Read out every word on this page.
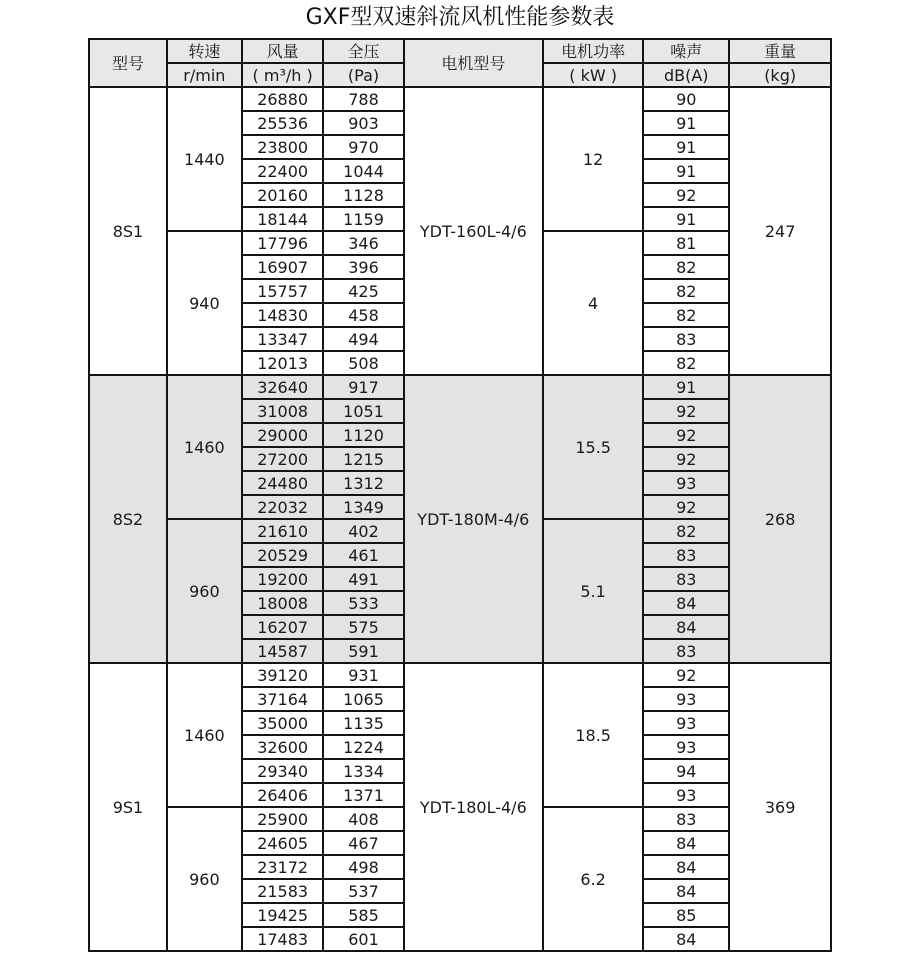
GXF型双速斜流风机性能参数表
型号	转速	风量	全压	电机型号	电机功率	噪声	重量
	r/min	( m³/h )	(Pa)		( kW )	dB(A)	(kg)
8S1	1440	26880	788	YDT-160L-4/6	12	90	247
		25536	903			91	
		23800	970			91	
		22400	1044			91	
		20160	1128			92	
		18144	1159			91	
	940	17796	346		4	81	
		16907	396			82	
		15757	425			82	
		14830	458			82	
		13347	494			83	
		12013	508			82	
8S2	1460	32640	917	YDT-180M-4/6	15.5	91	268
		31008	1051			92	
		29000	1120			92	
		27200	1215			92	
		24480	1312			93	
		22032	1349			92	
	960	21610	402		5.1	82	
		20529	461			83	
		19200	491			83	
		18008	533			84	
		16207	575			84	
		14587	591			83	
9S1	1460	39120	931	YDT-180L-4/6	18.5	92	369
		37164	1065			93	
		35000	1135			93	
		32600	1224			93	
		29340	1334			94	
		26406	1371			93	
	960	25900	408		6.2	83	
		24605	467			84	
		23172	498			84	
		21583	537			84	
		19425	585			85	
		17483	601			84	
